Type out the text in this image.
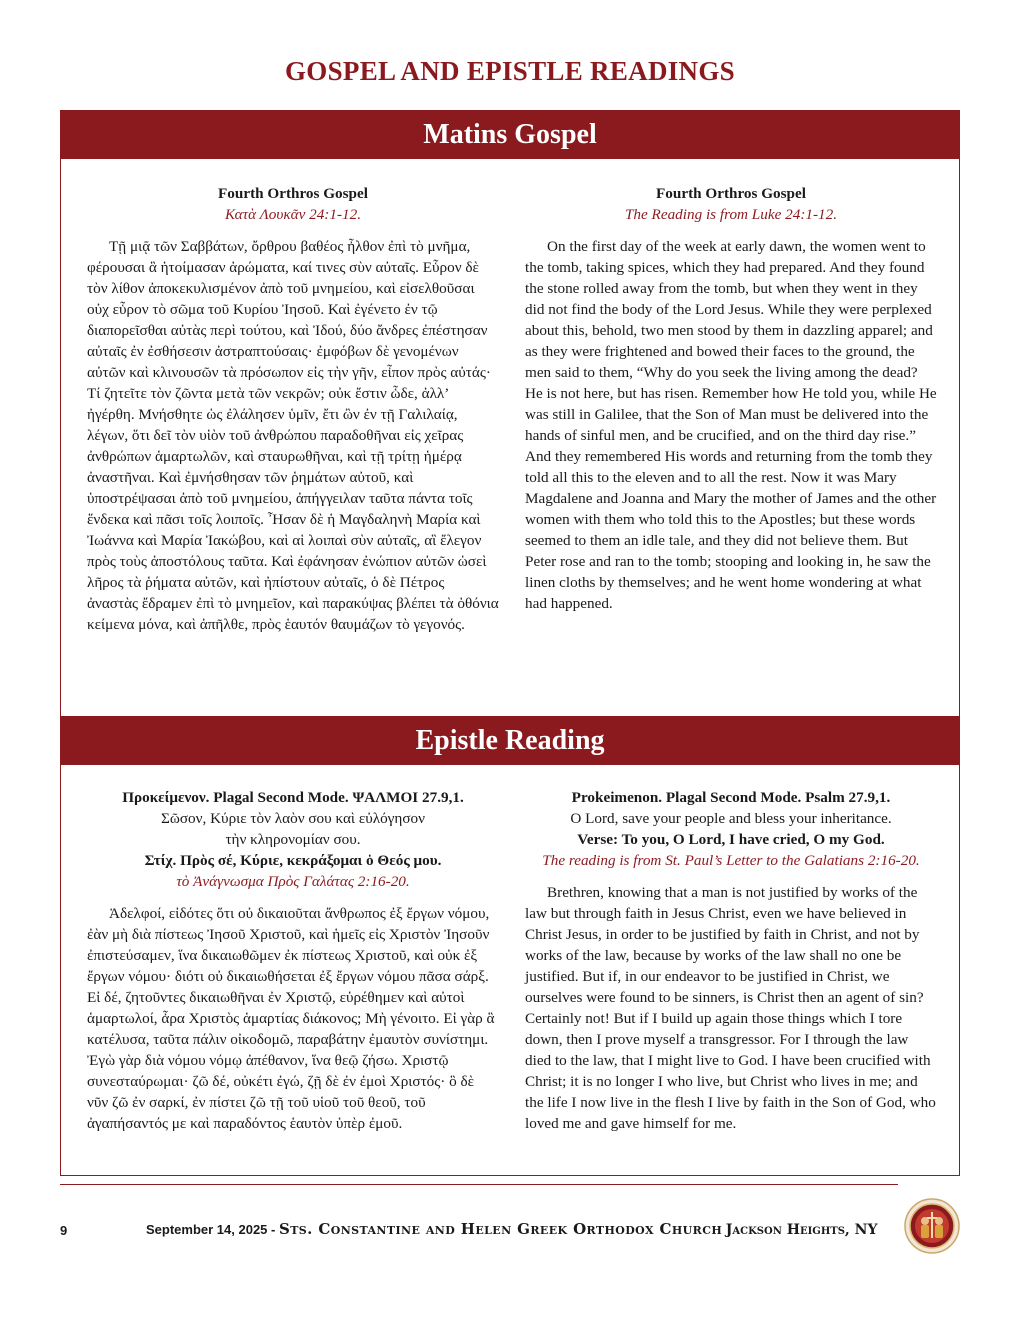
GOSPEL AND EPISTLE READINGS
Matins Gospel
Fourth Orthros Gospel
Κατὰ Λουκᾶν 24:1-12.
Τῇ μιᾷ τῶν Σαββάτων, ὄρθρου βαθέος ἦλθον ἐπὶ τὸ μνῆμα, φέρουσαι ἃ ἡτοίμασαν ἀρώματα, καί τινες σὺν αὐταῖς. Εὗρον δὲ τὸν λίθον ἀποκεκυλισμένον ἀπὸ τοῦ μνημείου, καὶ εἰσελθοῦσαι οὐχ εὗρον τὸ σῶμα τοῦ Κυρίου Ἰησοῦ. Καὶ ἐγένετο ἐν τῷ διαπορεῖσθαι αὐτὰς περὶ τούτου, καὶ Ἰδού, δύο ἄνδρες ἐπέστησαν αὐταῖς ἐν ἐσθήσεσιν ἀστραπτούσαις· ἐμφόβων δὲ γενομένων αὐτῶν καὶ κλινουσῶν τὰ πρόσωπον εἰς τὴν γῆν, εἶπον πρὸς αὐτάς· Τί ζητεῖτε τὸν ζῶντα μετὰ τῶν νεκρῶν; οὐκ ἔστιν ὧδε, ἀλλ’ ἠγέρθη. Μνήσθητε ὡς ἐλάλησεν ὑμῖν, ἔτι ὢν ἐν τῇ Γαλιλαίᾳ, λέγων, ὅτι δεῖ τὸν υἱὸν τοῦ ἀνθρώπου παραδοθῆναι εἰς χεῖρας ἀνθρώπων ἁμαρτωλῶν, καὶ σταυρωθῆναι, καὶ τῇ τρίτῃ ἡμέρᾳ ἀναστῆναι. Καὶ ἐμνήσθησαν τῶν ῥημάτων αὐτοῦ, καὶ ὑποστρέψασαι ἀπὸ τοῦ μνημείου, ἀπήγγειλαν ταῦτα πάντα τοῖς ἕνδεκα καὶ πᾶσι τοῖς λοιποῖς. Ἦσαν δὲ ἡ Μαγδαληνὴ Μαρία καὶ Ἰωάννα καὶ Μαρία Ἰακώβου, καὶ αἱ λοιπαὶ σὺν αὐταῖς, αἳ ἔλεγον πρὸς τοὺς ἀποστόλους ταῦτα. Καὶ ἐφάνησαν ἐνώπιον αὐτῶν ὡσεὶ λῆρος τὰ ῥήματα αὐτῶν, καὶ ἠπίστουν αὐταῖς, ὁ δὲ Πέτρος ἀναστὰς ἔδραμεν ἐπὶ τὸ μνημεῖον, καὶ παρακύψας βλέπει τὰ ὀθόνια κείμενα μόνα, καὶ ἀπῆλθε, πρὸς ἑαυτόν θαυμάζων τὸ γεγονός.
Fourth Orthros Gospel
The Reading is from Luke 24:1-12.
On the first day of the week at early dawn, the women went to the tomb, taking spices, which they had prepared. And they found the stone rolled away from the tomb, but when they went in they did not find the body of the Lord Jesus. While they were perplexed about this, behold, two men stood by them in dazzling apparel; and as they were frightened and bowed their faces to the ground, the men said to them, “Why do you seek the living among the dead? He is not here, but has risen. Remember how He told you, while He was still in Galilee, that the Son of Man must be delivered into the hands of sinful men, and be crucified, and on the third day rise.” And they remembered His words and returning from the tomb they told all this to the eleven and to all the rest. Now it was Mary Magdalene and Joanna and Mary the mother of James and the other women with them who told this to the Apostles; but these words seemed to them an idle tale, and they did not believe them. But Peter rose and ran to the tomb; stooping and looking in, he saw the linen cloths by themselves; and he went home wondering at what had happened.
Epistle Reading
Προκείμενον. Plagal Second Mode. ΨΑΛΜΟΙ 27.9,1.
Σῶσον, Κύριε τὸν λαὸν σου καὶ εὐλόγησον
τὴν κληρονομίαν σου.
Στίχ. Πρὸς σέ, Κύριε, κεκράξομαι ὁ Θεός μου.
τὸ Ἀνάγνωσμα Πρὸς Γαλάτας 2:16-20.
Ἀδελφοί, εἰδότες ὅτι οὐ δικαιοῦται ἄνθρωπος ἐξ ἔργων νόμου, ἐὰν μὴ διὰ πίστεως Ἰησοῦ Χριστοῦ, καὶ ἡμεῖς εἰς Χριστὸν Ἰησοῦν ἐπιστεύσαμεν, ἵνα δικαιωθῶμεν ἐκ πίστεως Χριστοῦ, καὶ οὐκ ἐξ ἔργων νόμου· διότι οὐ δικαιωθήσεται ἐξ ἔργων νόμου πᾶσα σάρξ. Εἰ δέ, ζητοῦντες δικαιωθῆναι ἐν Χριστῷ, εὑρέθημεν καὶ αὐτοὶ ἁμαρτωλοί, ἆρα Χριστὸς ἁμαρτίας διάκονος; Μὴ γένοιτο. Εἰ γὰρ ἃ κατέλυσα, ταῦτα πάλιν οἰκοδομῶ, παραβάτην ἐμαυτὸν συνίστημι. Ἐγὼ γὰρ διὰ νόμου νόμῳ ἀπέθανον, ἵνα θεῷ ζήσω. Χριστῷ συνεσταύρωμαι· ζῶ δέ, οὐκέτι ἐγώ, ζῇ δὲ ἐν ἐμοὶ Χριστός· ὃ δὲ νῦν ζῶ ἐν σαρκί, ἐν πίστει ζῶ τῇ τοῦ υἱοῦ τοῦ θεοῦ, τοῦ ἀγαπήσαντός με καὶ παραδόντος ἑαυτὸν ὑπὲρ ἐμοῦ.
Prokeimenon. Plagal Second Mode. Psalm 27.9,1.
O Lord, save your people and bless your inheritance.
Verse: To you, O Lord, I have cried, O my God.
The reading is from St. Paul’s Letter to the Galatians 2:16-20.
Brethren, knowing that a man is not justified by works of the law but through faith in Jesus Christ, even we have believed in Christ Jesus, in order to be justified by faith in Christ, and not by works of the law, because by works of the law shall no one be justified. But if, in our endeavor to be justified in Christ, we ourselves were found to be sinners, is Christ then an agent of sin? Certainly not! But if I build up again those things which I tore down, then I prove myself a transgressor. For I through the law died to the law, that I might live to God. I have been crucified with Christ; it is no longer I who live, but Christ who lives in me; and the life I now live in the flesh I live by faith in the Son of God, who loved me and gave himself for me.
9	September 14, 2025 - Sts. Constantine and Helen Greek Orthodox Church Jackson Heights, NY
